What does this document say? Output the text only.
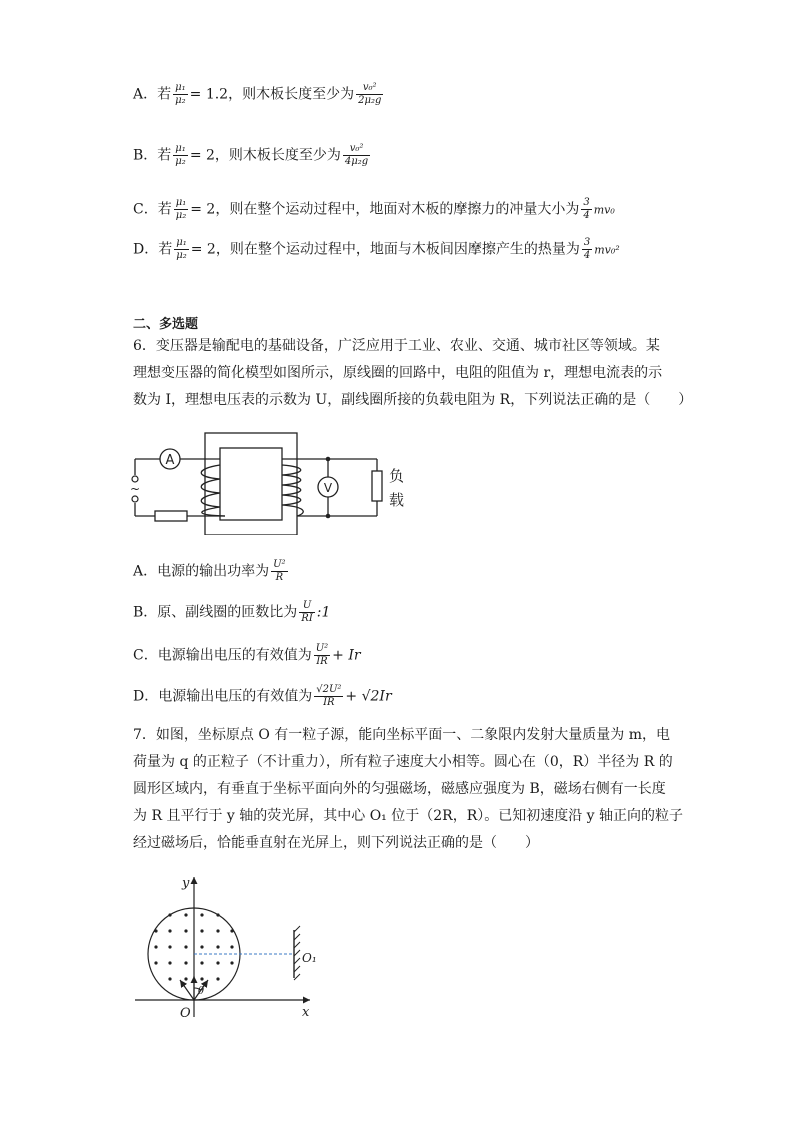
A．若 $\frac{\text{μ₁}}{\text{μ₂}} = 1.2$，则木板长度至少为 $\frac{\text{v₀²}}{\text{2μ₂g}}$
B．若 $\frac{\text{μ₁}}{\text{μ₂}} = 2$，则木板长度至少为 $\frac{\text{v₀²}}{\text{4μ₂g}}$
C．若 $\frac{\text{μ₁}}{\text{μ₂}} = 2$，则在整个运动过程中，地面对木板的摩擦力的冲量大小为 $\frac{3}{4} mv_0$
D．若 $\frac{\text{μ₁}}{\text{μ₂}} = 2$，则在整个运动过程中，地面与木板间因摩擦产生的热量为 $\frac{3}{4} mv_0^2$
二、多选题
6．变压器是输配电的基础设备，广泛应用于工业、农业、交通、城市社区等领域。某
理想变压器的简化模型如图所示，原线圈的回路中，电阻的阻值为 r，理想电流表的示
数为 I，理想电压表的示数为 U，副线圈所接的负载电阻为 R，下列说法正确的是（　　）
A
V
~
负
载
A．电源的输出功率为 $\frac{\text{U²}}{R}$
B．原、副线圈的匝数比为 $\frac{U}{RI}$ :1
C．电源输出电压的有效值为 $\frac{\text{U²}}{IR} + Ir$
D．电源输出电压的有效值为 $\frac{\text{√2U²}}{IR} + √2Ir$
7．如图，坐标原点 O 有一粒子源，能向坐标平面一、二象限内发射大量质量为 m，电
荷量为 q 的正粒子（不计重力），所有粒子速度大小相等。圆心在（0，R）半径为 R 的
圆形区域内，有垂直于坐标平面向外的匀强磁场，磁感应强度为 B，磁场右侧有一长度
为 R 且平行于 y 轴的荧光屏，其中心 O₁ 位于（2R，R）。已知初速度沿 y 轴正向的粒子
经过磁场后，恰能垂直射在光屏上，则下列说法正确的是（　　）
θ
y
x
O
O₁
